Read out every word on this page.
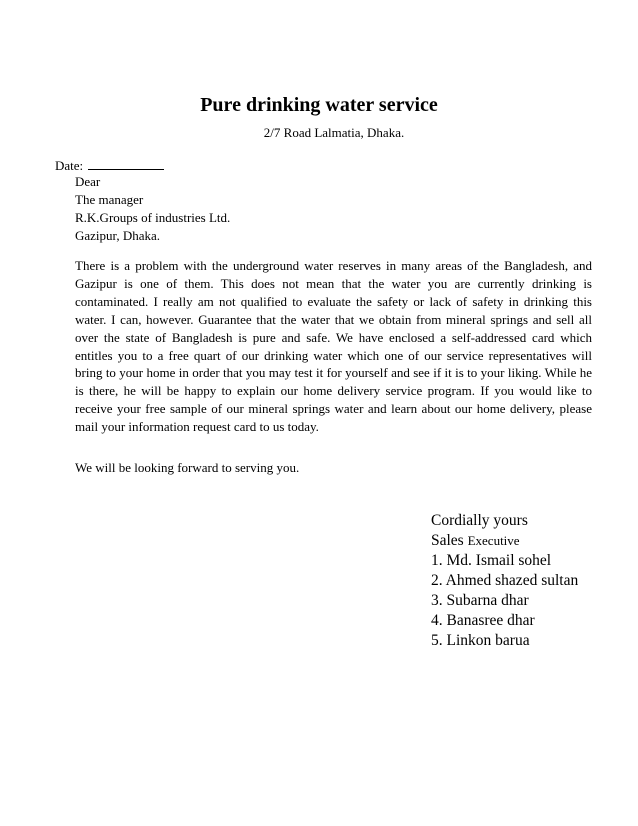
Pure drinking water service
2/7 Road Lalmatia, Dhaka.
Date:
Dear
The manager
R.K.Groups of industries Ltd.
Gazipur, Dhaka.

There is a problem with the underground water reserves in many areas of the Bangladesh, and Gazipur is one of them. This does not mean that the water you are currently drinking is contaminated. I really am not qualified to evaluate the safety or lack of safety in drinking this water. I can, however. Guarantee that the water that we obtain from mineral springs and sell all over the state of Bangladesh is pure and safe. We have enclosed a self-addressed card which entitles you to a free quart of our drinking water which one of our service representatives will bring to your home in order that you may test it for yourself and see if it is to your liking. While he is there, he will be happy to explain our home delivery service program. If you would like to receive your free sample of our mineral springs water and learn about our home delivery, please mail your information request card to us today.

We will be looking forward to serving you.
Cordially yours
Sales Executive
1. Md. Ismail sohel
2. Ahmed shazed sultan
3. Subarna dhar
4. Banasree dhar
5. Linkon barua
